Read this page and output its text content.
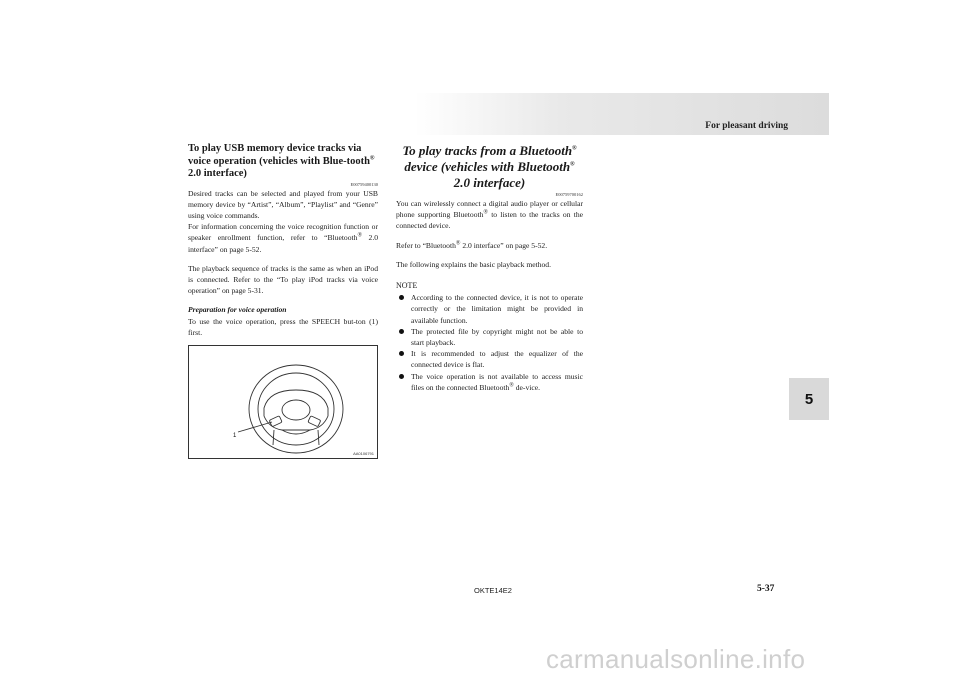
For pleasant driving
5
To play USB memory device tracks via voice operation (vehicles with Blue-tooth® 2.0 interface)
E00759400130

Desired tracks can be selected and played from your USB memory device by “Artist”, “Album”, “Playlist” and “Genre” using voice commands.

For information concerning the voice recognition function or speaker enrollment function, refer to “Bluetooth® 2.0 interface” on page 5-52.

The playback sequence of tracks is the same as when an iPod is connected. Refer to the “To play iPod tracks via voice operation” on page 5-31.

Preparation for voice operation

To use the voice operation, press the SPEECH but-ton (1) first.

1
AA0106791
To play tracks from a Bluetooth® device (vehicles with Bluetooth® 2.0 interface)
E00759700162

You can wirelessly connect a digital audio player or cellular phone supporting Bluetooth® to listen to the tracks on the connected device.

Refer to “Bluetooth® 2.0 interface” on page 5-52.

The following explains the basic playback method.

NOTE
According to the connected device, it is not to operate correctly or the limitation might be provided in available function.
The protected file by copyright might not be able to start playback.
It is recommended to adjust the equalizer of the connected device is flat.
The voice operation is not available to access music files on the connected Bluetooth® de-vice.
OKTE14E2	5-37
carmanualsonline.info
